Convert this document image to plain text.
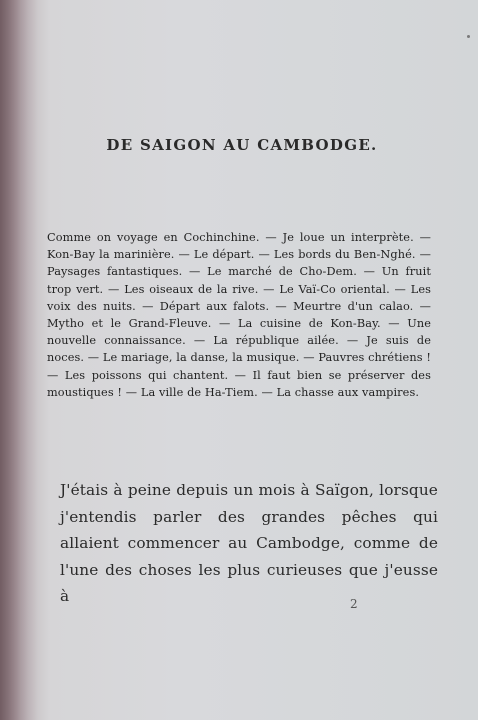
DE SAIGON AU CAMBODGE.

Comme on voyage en Cochinchine. — Je loue un interprète. — Kon-Bay la marinière. — Le départ. — Les bords du Ben-Nghé. — Paysages fantastiques. — Le marché de Cho-Dem. — Un fruit trop vert. — Les oiseaux de la rive. — Le Vaï-Co oriental. — Les voix des nuits. — Départ aux falots. — Meurtre d'un calao. — Mytho et le Grand-Fleuve. — La cuisine de Kon-Bay. — Une nouvelle connaissance. — La république ailée. — Je suis de noces. — Le mariage, la danse, la musique. — Pauvres chrétiens ! — Les poissons qui chantent. — Il faut bien se préserver des moustiques ! — La ville de Ha-Tiem. — La chasse aux vampires.

J'étais à peine depuis un mois à Saïgon, lorsque j'entendis parler des grandes pêches qui allaient commencer au Cambodge, comme de l'une des choses les plus curieuses que j'eusse à	2
